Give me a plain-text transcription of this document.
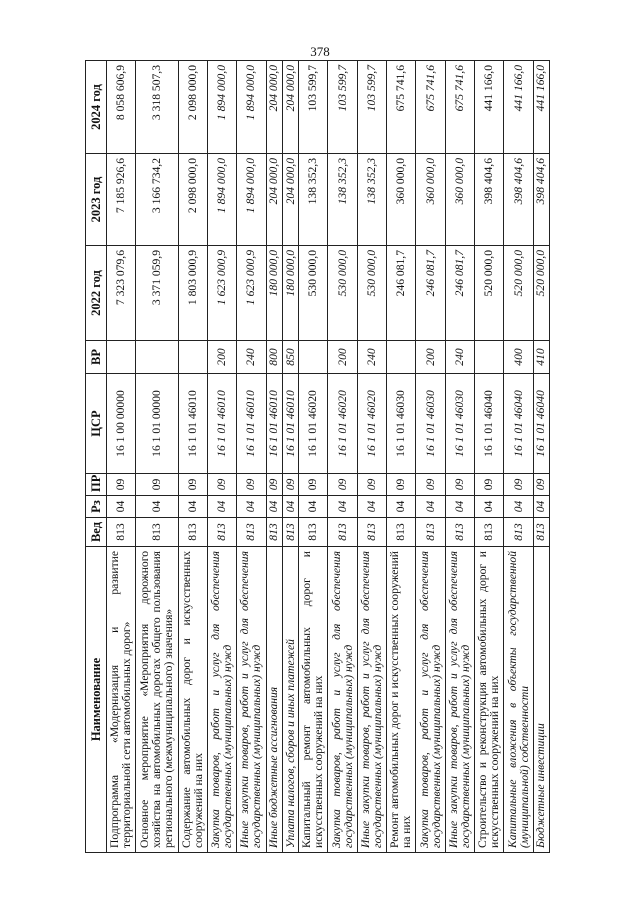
378
Наименование	Вед	Рз	ПР	ЦСР	ВР	2022 год	2023 год	2024 год
Подпрограмма «Модернизация и развитие территориальной сети автомобильных дорог»	813	04	09	16 1 00 00000		7 323 079,6	7 185 926,6	8 058 606,9
Основное мероприятие «Мероприятия дорожного хозяйства на автомобильных дорогах общего пользования регионального (межмуниципального) значения»	813	04	09	16 1 01 00000		3 371 059,9	3 166 734,2	3 318 507,3
Содержание автомобильных дорог и искусственных сооружений на них	813	04	09	16 1 01 46010		1 803 000,9	2 098 000,0	2 098 000,0
Закупка товаров, работ и услуг для обеспечения государственных (муниципальных) нужд	813	04	09	16 1 01 46010	200	1 623 000,9	1 894 000,0	1 894 000,0
Иные закупки товаров, работ и услуг для обеспечения государственных (муниципальных) нужд	813	04	09	16 1 01 46010	240	1 623 000,9	1 894 000,0	1 894 000,0
Иные бюджетные ассигнования	813	04	09	16 1 01 46010	800	180 000,0	204 000,0	204 000,0
Уплата налогов, сборов и иных платежей	813	04	09	16 1 01 46010	850	180 000,0	204 000,0	204 000,0
Капитальный ремонт автомобильных дорог и искусственных сооружений на них	813	04	09	16 1 01 46020		530 000,0	138 352,3	103 599,7
Закупка товаров, работ и услуг для обеспечения государственных (муниципальных) нужд	813	04	09	16 1 01 46020	200	530 000,0	138 352,3	103 599,7
Иные закупки товаров, работ и услуг для обеспечения государственных (муниципальных) нужд	813	04	09	16 1 01 46020	240	530 000,0	138 352,3	103 599,7
Ремонт автомобильных дорог и искусственных сооружений на них	813	04	09	16 1 01 46030		246 081,7	360 000,0	675 741,6
Закупка товаров, работ и услуг для обеспечения государственных (муниципальных) нужд	813	04	09	16 1 01 46030	200	246 081,7	360 000,0	675 741,6
Иные закупки товаров, работ и услуг для обеспечения государственных (муниципальных) нужд	813	04	09	16 1 01 46030	240	246 081,7	360 000,0	675 741,6
Строительство и реконструкция автомобильных дорог и искусственных сооружений на них	813	04	09	16 1 01 46040		520 000,0	398 404,6	441 166,0
Капитальные вложения в объекты государственной (муниципальной) собственности	813	04	09	16 1 01 46040	400	520 000,0	398 404,6	441 166,0
Бюджетные инвестиции	813	04	09	16 1 01 46040	410	520 000,0	398 404,6	441 166,0
